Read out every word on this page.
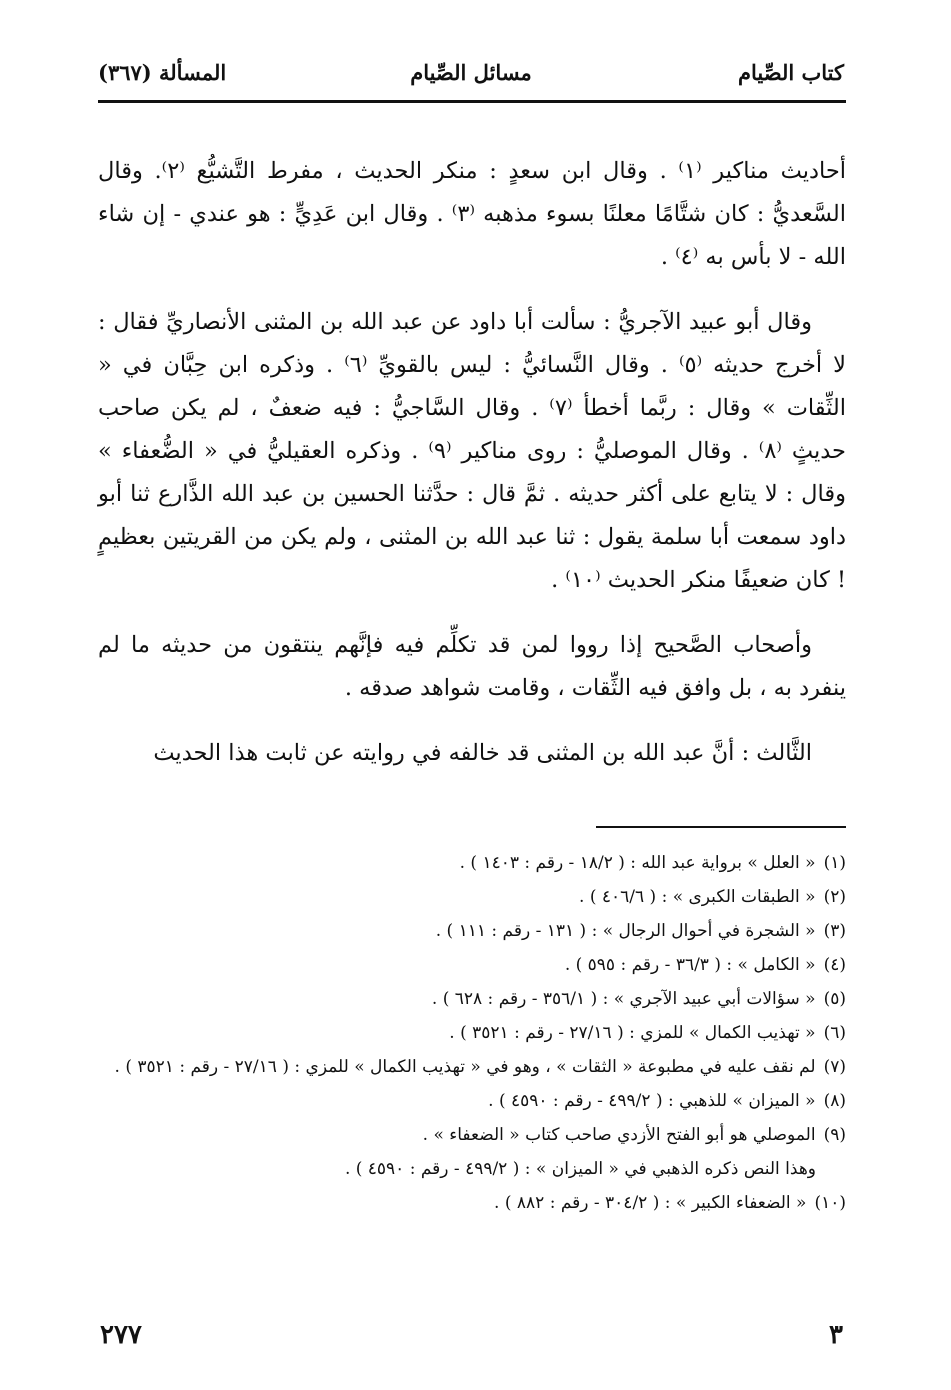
كتاب الصِّيام
مسائل الصِّيام
المسألة (٣٦٧)

أحاديث مناكير ⁽١⁾ . وقال ابن سعدٍ : منكر الحديث ، مفرط التَّشيُّع ⁽٢⁾. وقال السَّعديُّ : كان شتَّامًا معلنًا بسوء مذهبه ⁽٣⁾ . وقال ابن عَدِيٍّ : هو عندي - إن شاء الله - لا بأس به ⁽٤⁾ .

وقال أبو عبيد الآجريُّ : سألت أبا داود عن عبد الله بن المثنى الأنصاريِّ فقال : لا أخرج حديثه ⁽٥⁾ . وقال النَّسائيُّ : ليس بالقويِّ ⁽٦⁾ . وذكره ابن حِبَّان في « الثِّقات » وقال : ربَّما أخطأ ⁽٧⁾ . وقال السَّاجيُّ : فيه ضعفٌ ، لم يكن صاحب حديثٍ ⁽٨⁾ . وقال الموصليُّ : روى مناكير ⁽٩⁾ . وذكره العقيليُّ في « الضُّعفاء » وقال : لا يتابع على أكثر حديثه . ثمَّ قال : حدَّثنا الحسين بن عبد الله الذَّارع ثنا أبو داود سمعت أبا سلمة يقول : ثنا عبد الله بن المثنى ، ولم يكن من القريتين بعظيمٍ ! كان ضعيفًا منكر الحديث ⁽١٠⁾ .

وأصحاب الصَّحيح إذا رووا لمن قد تكلِّم فيه فإنَّهم ينتقون من حديثه ما لم ينفرد به ، بل وافق فيه الثِّقات ، وقامت شواهد صدقه .

الثَّالث : أنَّ عبد الله بن المثنى قد خالفه في روايته عن ثابت هذا الحديث

(١)« العلل » برواية عبد الله : ( ١٨/٢ - رقم : ١٤٠٣ ) .
(٢)« الطبقات الكبرى » : ( ٤٠٦/٦ ) .
(٣)« الشجرة في أحوال الرجال » : ( ١٣١ - رقم : ١١١ ) .
(٤)« الكامل » : ( ٣٦/٣ - رقم : ٥٩٥ ) .
(٥)« سؤالات أبي عبيد الآجري » : ( ٣٥٦/١ - رقم : ٦٢٨ ) .
(٦)« تهذيب الكمال » للمزي : ( ٢٧/١٦ - رقم : ٣٥٢١ ) .
(٧)لم نقف عليه في مطبوعة « الثقات » ، وهو في « تهذيب الكمال » للمزي : ( ٢٧/١٦ - رقم : ٣٥٢١ ) .
(٨)« الميزان » للذهبي : ( ٤٩٩/٢ - رقم : ٤٥٩٠ ) .
(٩)الموصلي هو أبو الفتح الأزدي صاحب كتاب « الضعفاء » .
وهذا النص ذكره الذهبي في « الميزان » : ( ٤٩٩/٢ - رقم : ٤٥٩٠ ) .
(١٠)« الضعفاء الكبير » : ( ٣٠٤/٢ - رقم : ٨٨٢ ) .
٢٧٧	٣
